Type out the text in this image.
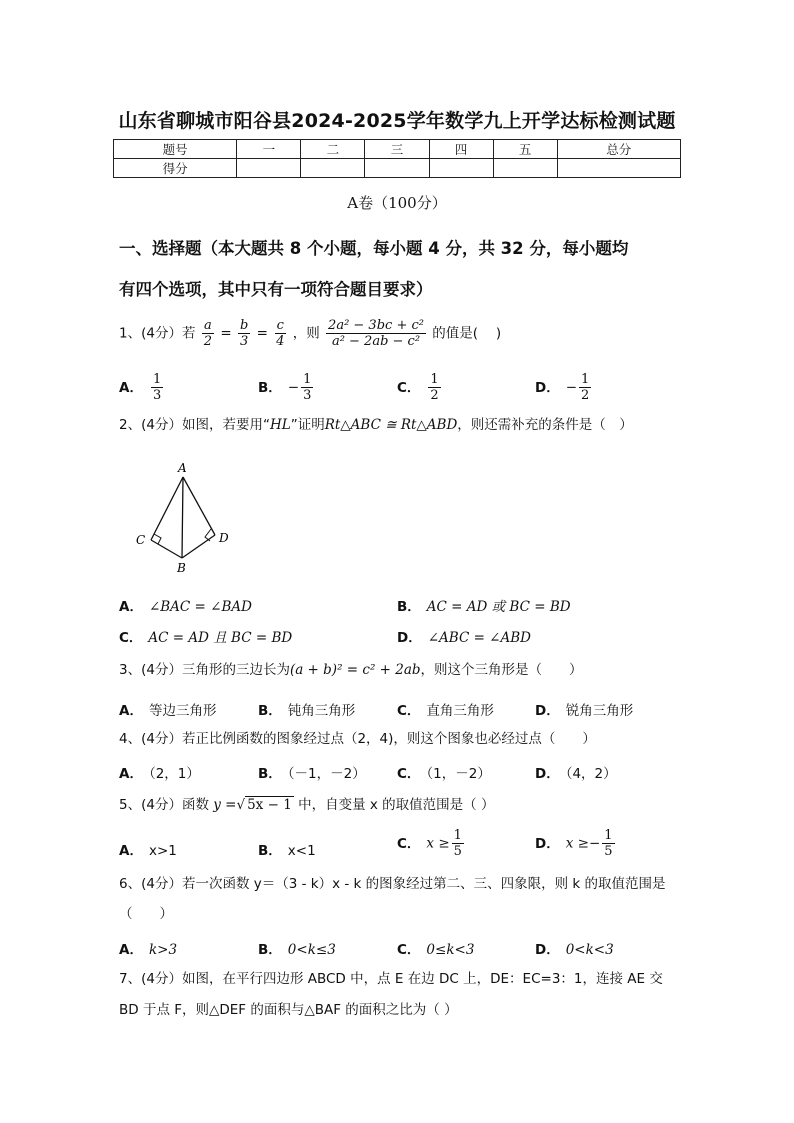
山东省聊城市阳谷县2024-2025学年数学九上开学达标检测试题
题号	一	二	三	四	五	总分
得分						
A卷（100分）
一、选择题（本大题共 8 个小题，每小题 4 分，共 32 分，每小题均
有四个选项，其中只有一项符合题目要求）
1、(4分）若 $\frac{a}{2} = \frac{b}{3} = \frac{c}{4}$ ，则 $\frac{\text{2a² − 3bc + c²}}{\text{a² − 2ab − c²}}$ 的值是(　 )
A． $\frac{1}{3}$	B． − $\frac{1}{3}$	C． $\frac{1}{2}$	D． − $\frac{1}{2}$
2、(4分）如图，若要用“HL”证明Rt△ABC ≅ Rt△ABD，则还需补充的条件是（　）
A
C	D
B
A． ∠BAC = ∠BAD	B． AC = AD 或 BC = BD
C． AC = AD 且 BC = BD	D． ∠ABC = ∠ABD
3、(4分）三角形的三边长为(a + b)² = c² + 2ab，则这个三角形是（　　）
A． 等边三角形	B． 钝角三角形	C． 直角三角形	D． 锐角三角形
4、(4分）若正比例函数的图象经过点（2，4)，则这个图象也必经过点（　　）
A． （2，1）	B． （－1，－2） C． （1，－2）	D． （4，2）
5、(4分）函数 y =√ 5x − 1 中，自变量 x 的取值范围是（ ）
A． x>1	B． x<1	C． $x \ge \frac{1}{5}$	D． $x \ge- \frac{1}{5}$
6、(4分）若一次函数 y＝（3 - k）x - k 的图象经过第二、三、四象限，则 k 的取值范围是
（　　）
A． k>3	B． 0<k≤3	C． 0≤k<3	D． 0<k<3
7、(4分）如图，在平行四边形 ABCD 中，点 E 在边 DC 上，DE：EC=3：1，连接 AE 交
BD 于点 F，则△DEF 的面积与△BAF 的面积之比为（ ）
